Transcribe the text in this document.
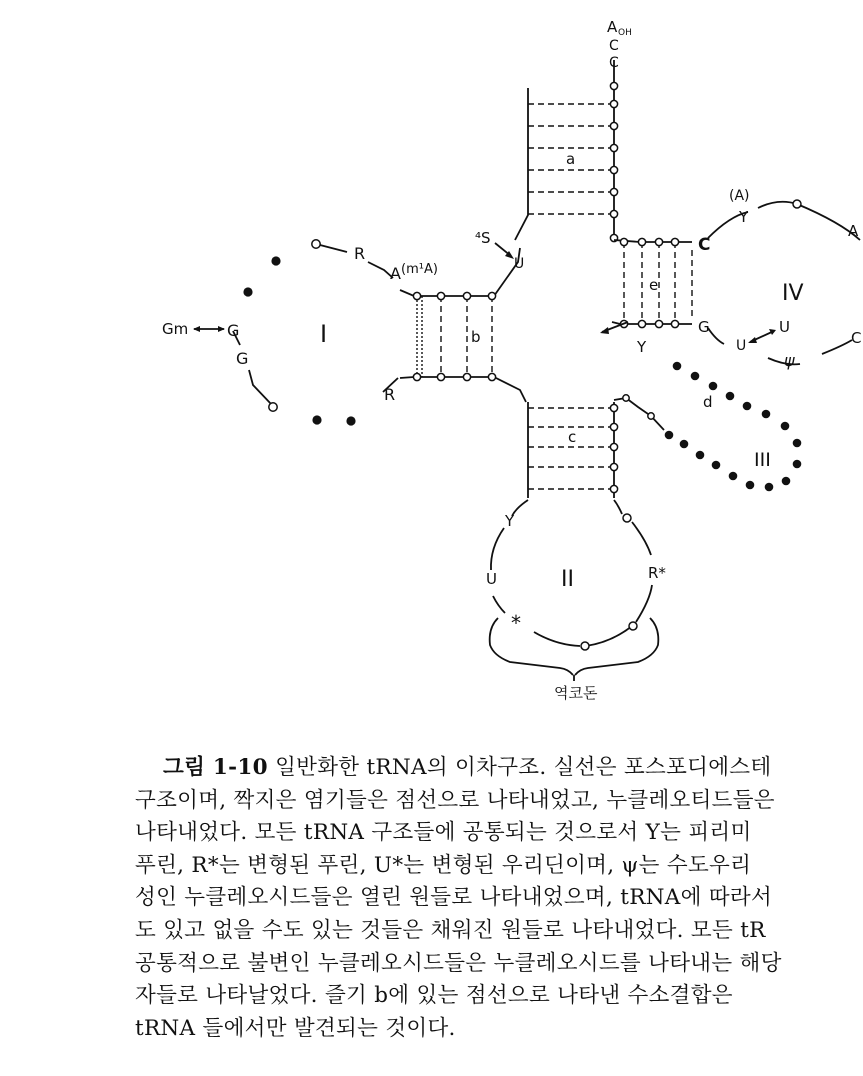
A OH
C
C
a
Gm G
G
R
A (m¹A)
R
I	b
⁴S
U
(A)
Y
A
C
G
Y	U
U
ψ
C
IV
e
d
III
Y
U	R*
*
II
c
역코돈
그림 1-10 일반화한 tRNA의 이차구조. 실선은 포스포디에스테
구조이며, 짝지은 염기들은 점선으로 나타내었고, 누클레오티드들은
나타내었다. 모든 tRNA 구조들에 공통되는 것으로서 Y는 피리미
푸린, R*는 변형된 푸린, U*는 변형된 우리딘이며, ψ는 수도우리
성인 누클레오시드들은 열린 원들로 나타내었으며, tRNA에 따라서
도 있고 없을 수도 있는 것들은 채워진 원들로 나타내었다. 모든 tR
공통적으로 불변인 누클레오시드들은 누클레오시드를 나타내는 해당
자들로 나타날었다. 즐기 b에 있는 점선으로 나타낸 수소결합은
tRNA 들에서만 발견되는 것이다.
